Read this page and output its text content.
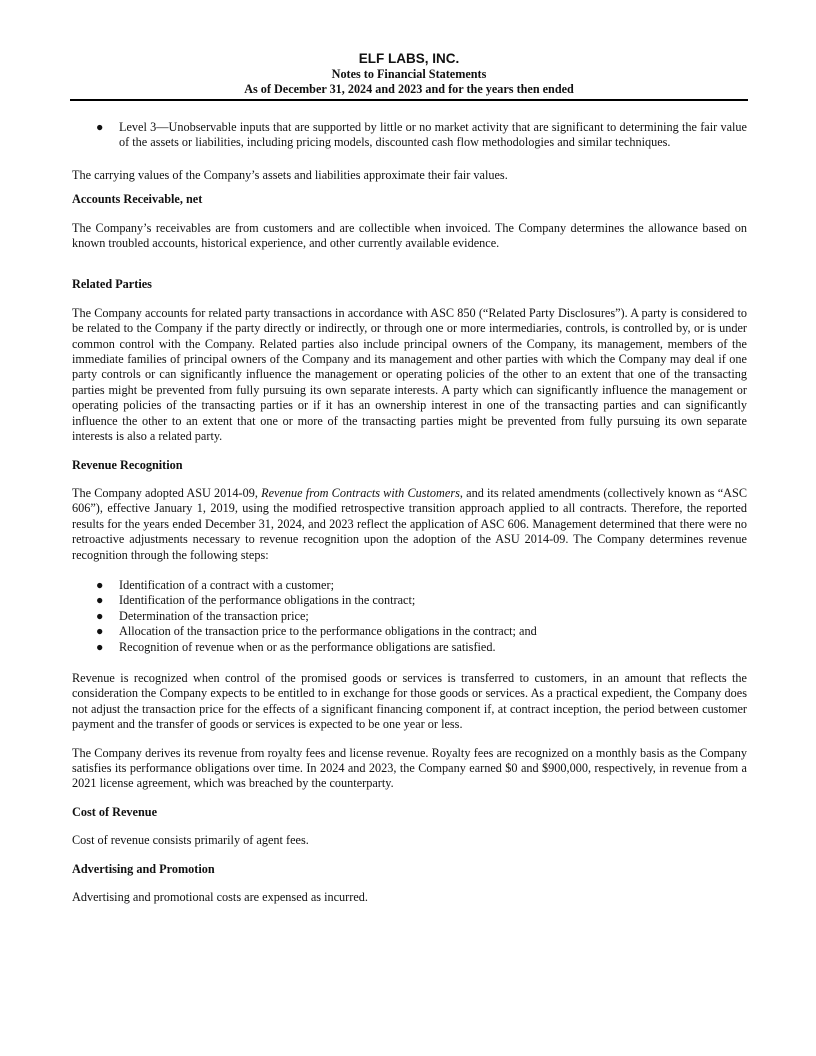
ELF LABS, INC.
Notes to Financial Statements
As of December 31, 2024 and 2023 and for the years then ended
● Level 3—Unobservable inputs that are supported by little or no market activity that are significant to determining the fair value of the assets or liabilities, including pricing models, discounted cash flow methodologies and similar techniques.

The carrying values of the Company’s assets and liabilities approximate their fair values.

Accounts Receivable, net

The Company’s receivables are from customers and are collectible when invoiced. The Company determines the allowance based on known troubled accounts, historical experience, and other currently available evidence.

Related Parties

The Company accounts for related party transactions in accordance with ASC 850 (“Related Party Disclosures”). A party is considered to be related to the Company if the party directly or indirectly, or through one or more intermediaries, controls, is controlled by, or is under common control with the Company. Related parties also include principal owners of the Company, its management, members of the immediate families of principal owners of the Company and its management and other parties with which the Company may deal if one party controls or can significantly influence the management or operating policies of the other to an extent that one of the transacting parties might be prevented from fully pursuing its own separate interests. A party which can significantly influence the management or operating policies of the transacting parties or if it has an ownership interest in one of the transacting parties and can significantly influence the other to an extent that one or more of the transacting parties might be prevented from fully pursuing its own separate interests is also a related party.

Revenue Recognition

The Company adopted ASU 2014-09, Revenue from Contracts with Customers, and its related amendments (collectively known as “ASC 606”), effective January 1, 2019, using the modified retrospective transition approach applied to all contracts. Therefore, the reported results for the years ended December 31, 2024, and 2023 reflect the application of ASC 606. Management determined that there were no retroactive adjustments necessary to revenue recognition upon the adoption of the ASU 2014-09. The Company determines revenue recognition through the following steps:

● Identification of a contract with a customer;
● Identification of the performance obligations in the contract;
● Determination of the transaction price;
● Allocation of the transaction price to the performance obligations in the contract; and
● Recognition of revenue when or as the performance obligations are satisfied.

Revenue is recognized when control of the promised goods or services is transferred to customers, in an amount that reflects the consideration the Company expects to be entitled to in exchange for those goods or services. As a practical expedient, the Company does not adjust the transaction price for the effects of a significant financing component if, at contract inception, the period between customer payment and the transfer of goods or services is expected to be one year or less.

The Company derives its revenue from royalty fees and license revenue. Royalty fees are recognized on a monthly basis as the Company satisfies its performance obligations over time. In 2024 and 2023, the Company earned $0 and $900,000, respectively, in revenue from a 2021 license agreement, which was breached by the counterparty.

Cost of Revenue

Cost of revenue consists primarily of agent fees.

Advertising and Promotion

Advertising and promotional costs are expensed as incurred.
